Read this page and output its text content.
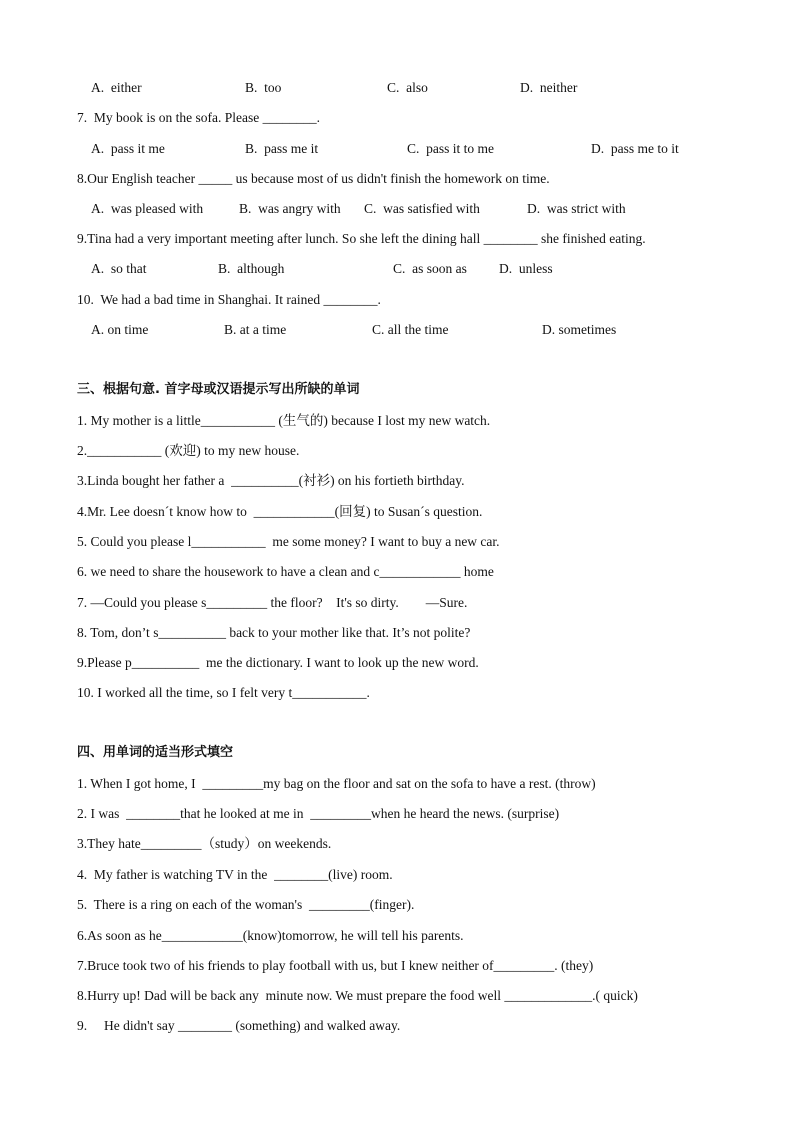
A.  either	B.  too	C.  also	D.  neither
7.  My book is on the sofa. Please ________.
A.  pass it me	B.  pass me it	C.  pass it to me	D.  pass me to it
8.Our English teacher _____ us because most of us didn't finish the homework on time.
A.  was pleased with	B.  was angry with C.  was satisfied with	D.  was strict with
9.Tina had a very important meeting after lunch. So she left the dining hall ________ she finished eating.
A.  so that	B.  although	C.  as soon as D.  unless
10.  We had a bad time in Shanghai. It rained ________.
A. on time	B. at a time	C. all the time	D. sometimes
三、根据句意. 首字母或汉语提示写出所缺的单词
1. My mother is a little___________ (生气的) because I lost my new watch.
2.___________ (欢迎) to my new house.
3.Linda bought her father a  __________(衬衫) on his fortieth birthday.
4.Mr. Lee doesn´t know how to  ____________(回复) to Susan´s question.
5. Could you please l___________  me some money? I want to buy a new car.
6. we need to share the housework to have a clean and c____________ home
7. —Could you please s_________ the floor?    It's so dirty.        —Sure.
8. Tom, don’t s__________ back to your mother like that. It’s not polite?
9.Please p__________  me the dictionary. I want to look up the new word.
10. I worked all the time, so I felt very t___________.
四、用单词的适当形式填空
1. When I got home, I  _________my bag on the floor and sat on the sofa to have a rest. (throw)
2. I was  ________that he looked at me in  _________when he heard the news. (surprise)
3.They hate_________（study）on weekends.
4.  My father is watching TV in the  ________(live) room.
5.  There is a ring on each of the woman's  _________(finger).
6.As soon as he____________(know)tomorrow, he will tell his parents.
7.Bruce took two of his friends to play football with us, but I knew neither of_________. (they)
8.Hurry up! Dad will be back any  minute now. We must prepare the food well _____________.( quick)
9.     He didn't say ________ (something) and walked away.
